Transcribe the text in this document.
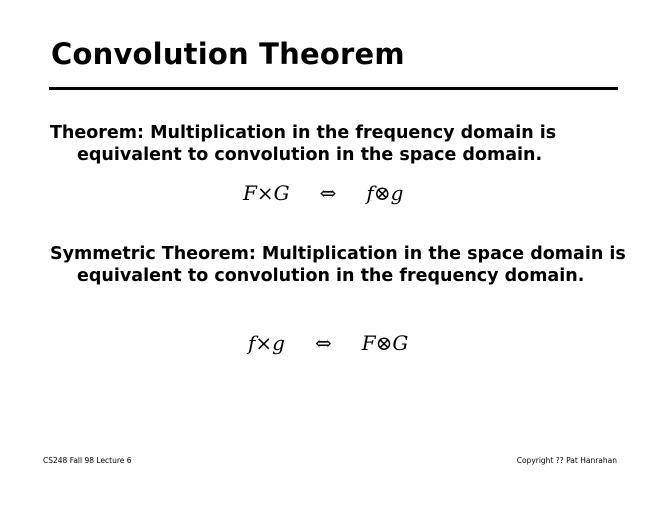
Convolution Theorem

Theorem: Multiplication in the frequency domain is equivalent to convolution in the space domain.

F×G ⇔ f⊗g

Symmetric Theorem: Multiplication in the space domain is equivalent to convolution in the frequency domain.

f×g ⇔ F⊗G
CS248 Fall 98 Lecture 6	Copyright ?? Pat Hanrahan
